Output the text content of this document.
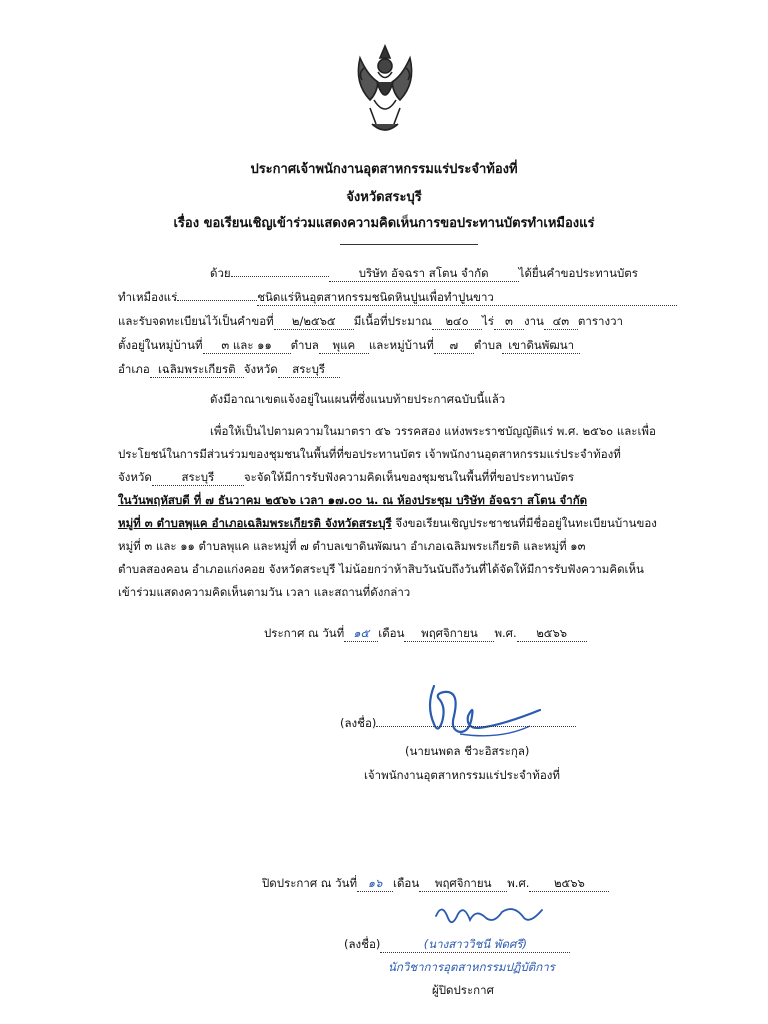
ประกาศเจ้าพนักงานอุตสาหกรรมแร่ประจำท้องที่
จังหวัดสระบุรี
เรื่อง ขอเรียนเชิญเข้าร่วมแสดงความคิดเห็นการขอประทานบัตรทำเหมืองแร่
ด้วย	บริษัท อัจฉรา สโตน จำกัด	ได้ยื่นคำขอประทานบัตร
ทำเหมืองแร่	ชนิดแร่หินอุตสาหกรรมชนิดหินปูนเพื่อทำปูนขาว
และรับจดทะเบียนไว้เป็นคำขอที่ ๒/๒๕๖๕ มีเนื้อที่ประมาณ ๒๔๐ ไร่ ๓ งาน ๔๓ ตารางวา
ตั้งอยู่ในหมู่บ้านที่ ๓ และ ๑๑ ตำบล พุแค และหมู่บ้านที่ ๗ ตำบล เขาดินพัฒนา
อำเภอ เฉลิมพระเกียรติ จังหวัด สระบุรี
ดังมีอาณาเขตแจ้งอยู่ในแผนที่ซึ่งแนบท้ายประกาศฉบับนี้แล้ว
เพื่อให้เป็นไปตามความในมาตรา ๕๖ วรรคสอง แห่งพระราชบัญญัติแร่ พ.ศ. ๒๕๖๐ และเพื่อ
ประโยชน์ในการมีส่วนร่วมของชุมชนในพื้นที่ที่ขอประทานบัตร เจ้าพนักงานอุตสาหกรรมแร่ประจำท้องที่
จังหวัด	สระบุรี	จะจัดให้มีการรับฟังความคิดเห็นของชุมชนในพื้นที่ที่ขอประทานบัตร
ในวันพฤหัสบดี ที่ ๗ ธันวาคม ๒๕๖๖ เวลา ๑๗.๐๐ น. ณ ห้องประชุม บริษัท อัจฉรา สโตน จำกัด
หมู่ที่ ๓ ตำบลพุแค อำเภอเฉลิมพระเกียรติ จังหวัดสระบุรี จึงขอเรียนเชิญประชาชนที่มีชื่ออยู่ในทะเบียนบ้านของ
หมู่ที่ ๓ และ ๑๑ ตำบลพุแค และหมู่ที่ ๗ ตำบลเขาดินพัฒนา อำเภอเฉลิมพระเกียรติ และหมู่ที่ ๑๓
ตำบลสองคอน อำเภอแก่งคอย จังหวัดสระบุรี ไม่น้อยกว่าห้าสิบวันนับถึงวันที่ได้จัดให้มีการรับฟังความคิดเห็น
เข้าร่วมแสดงความคิดเห็นตามวัน เวลา และสถานที่ดังกล่าว
ประกาศ ณ วันที่ ๑๕ เดือน พฤศจิกายน พ.ศ. ๒๕๖๖
(ลงชื่อ)
(นายนพดล ชีวะอิสระกุล)
เจ้าพนักงานอุตสาหกรรมแร่ประจำท้องที่
ปิดประกาศ ณ วันที่ ๑๖ เดือน พฤศจิกายน พ.ศ. ๒๕๖๖
(ลงชื่อ)	(นางสาววิชนี พัดศรี)
นักวิชาการอุตสาหกรรมปฏิบัติการ
ผู้ปิดประกาศ
